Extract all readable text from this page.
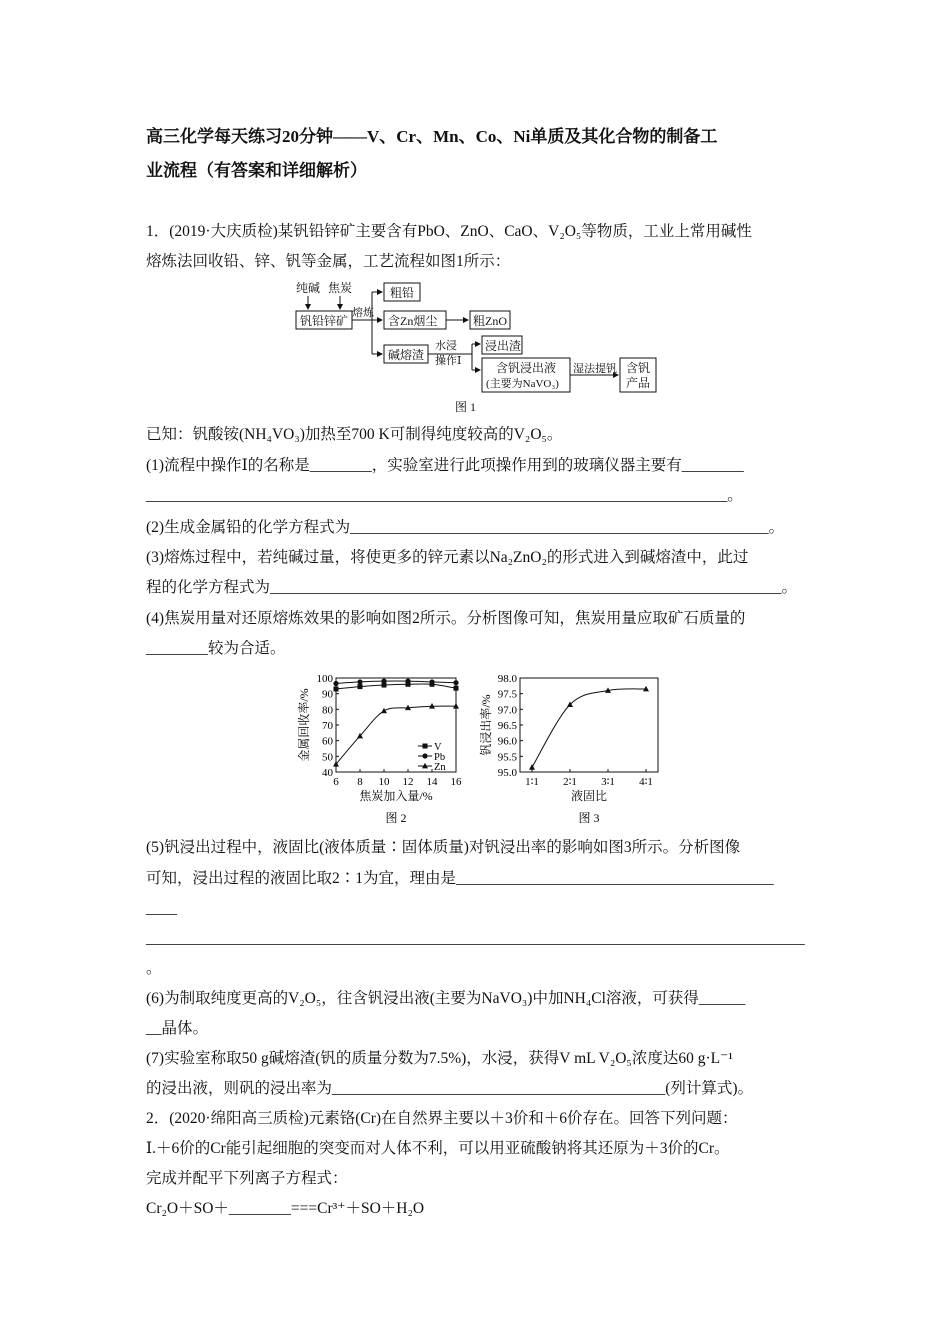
高三化学每天练习20分钟——V、Cr、Mn、Co、Ni单质及其化合物的制备工
业流程（有答案和详细解析）
1．(2019·大庆质检)某钒铅锌矿主要含有PbO、ZnO、CaO、V₂O₅等物质，工业上常用碱性
熔炼法回收铅、锌、钒等金属，工艺流程如图1所示：
纯碱 焦炭
钒铅锌矿
熔炼
粗铅
含Zn烟尘	粗ZnO
碱熔渣
水浸
操作Ⅰ
浸出渣
含钒浸出液
(主要为NaVO₃)
湿法提钒 含钒
产品
图 1
已知：钒酸铵(NH₄VO₃)加热至700 K可制得纯度较高的V₂O₅。
(1)流程中操作Ⅰ的名称是________，实验室进行此项操作用到的玻璃仪器主要有________
___________________________________________________________________________。
(2)生成金属铅的化学方程式为______________________________________________________。
(3)熔炼过程中，若纯碱过量，将使更多的锌元素以Na₂ZnO₂的形式进入到碱熔渣中，此过
程的化学方程式为__________________________________________________________________。
(4)焦炭用量对还原熔炼效果的影响如图2所示。分析图像可知，焦炭用量应取矿石质量的
________较为合适。
40
50
60
70
80
90
100
6 8 10 12 14 16
焦炭加入量/%
金属回收率/%	V
Pb
Zn
图 2
95.0
95.5
96.0
96.5
97.0
97.5
98.0
1∶1 2∶1 3∶1 4∶1
液固比
钒浸出率/%
图 3
(5)钒浸出过程中，液固比(液体质量∶固体质量)对钒浸出率的影响如图3所示。分析图像
可知，浸出过程的液固比取2∶1为宜，理由是_________________________________________
____
_____________________________________________________________________________________
。
(6)为制取纯度更高的V₂O₅，往含钒浸出液(主要为NaVO₃)中加NH₄Cl溶液，可获得______
__晶体。
(7)实验室称取50 g碱熔渣(钒的质量分数为7.5%)，水浸，获得V mL V₂O₅浓度达60 g·L⁻¹
的浸出液，则矾的浸出率为___________________________________________(列计算式)。
2．(2020·绵阳高三质检)元素铬(Cr)在自然界主要以＋3价和＋6价存在。回答下列问题：
Ⅰ.＋6价的Cr能引起细胞的突变而对人体不利，可以用亚硫酸钠将其还原为＋3价的Cr。
完成并配平下列离子方程式：
Cr₂O＋SO＋________===Cr³⁺＋SO＋H₂O
